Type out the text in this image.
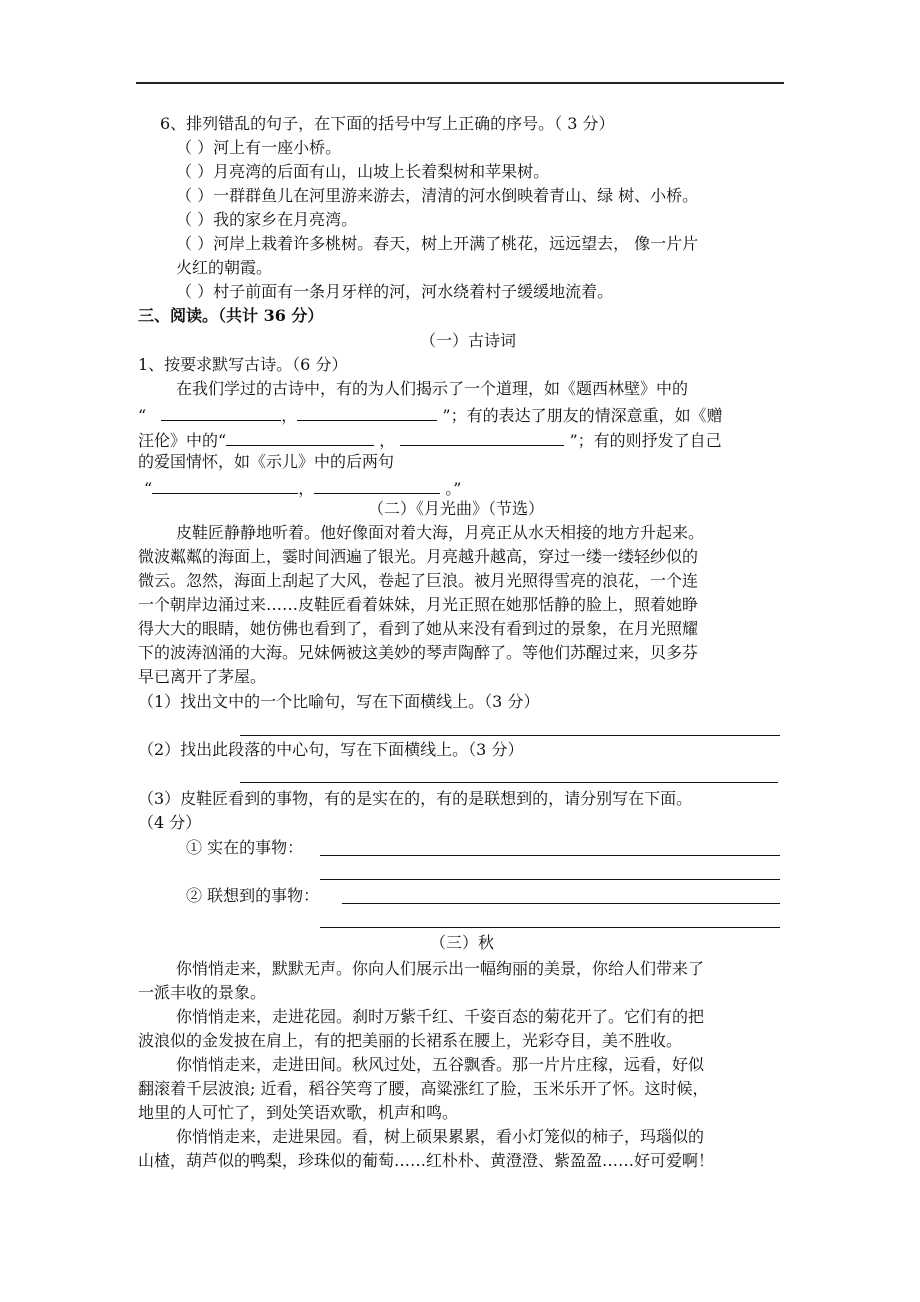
6、排列错乱的句子，在下面的括号中写上正确的序号。（ 3 分）
（ ）河上有一座小桥。
（ ）月亮湾的后面有山，山坡上长着梨树和苹果树。
（ ）一群群鱼儿在河里游来游去，清清的河水倒映着青山、绿 树、小桥。
（ ）我的家乡在月亮湾。
（ ）河岸上栽着许多桃树。春天，树上开满了桃花，远远望去， 像一片片
火红的朝霞。
（ ）村子前面有一条月牙样的河，河水绕着村子缓缓地流着。
三、阅读。（共计 36 分）
（一）古诗词
1、按要求默写古诗。（6 分）
在我们学过的古诗中，有的为人们揭示了一个道理，如《题西林壁》中的
“	，	”；有的表达了朋友的情深意重，如《赠
汪伦》中的“	，	”；有的则抒发了自己
的爱国情怀，如《示儿》中的后两句
“	，	。”
（二）《月光曲》（节选）
皮鞋匠静静地听着。他好像面对着大海，月亮正从水天相接的地方升起来。
微波粼粼的海面上，霎时间洒遍了银光。月亮越升越高，穿过一缕一缕轻纱似的
微云。忽然，海面上刮起了大风，卷起了巨浪。被月光照得雪亮的浪花，一个连
一个朝岸边涌过来……皮鞋匠看着妹妹，月光正照在她那恬静的脸上，照着她睁
得大大的眼睛，她仿佛也看到了，看到了她从来没有看到过的景象，在月光照耀
下的波涛汹涌的大海。兄妹俩被这美妙的琴声陶醉了。等他们苏醒过来，贝多芬
早已离开了茅屋。
（1）找出文中的一个比喻句，写在下面横线上。（3 分）
（2）找出此段落的中心句，写在下面横线上。（3 分）
（3）皮鞋匠看到的事物，有的是实在的，有的是联想到的，请分别写在下面。
（4 分）
① 实在的事物：
② 联想到的事物：
（三）秋
你悄悄走来，默默无声。你向人们展示出一幅绚丽的美景，你给人们带来了
一派丰收的景象。
你悄悄走来，走进花园。刹时万紫千红、千姿百态的菊花开了。它们有的把
波浪似的金发披在肩上，有的把美丽的长裙系在腰上，光彩夺目，美不胜收。
你悄悄走来，走进田间。秋风过处，五谷飘香。那一片片庄稼，远看，好似
翻滚着千层波浪; 近看，稻谷笑弯了腰，高粱涨红了脸，玉米乐开了怀。这时候，
地里的人可忙了，到处笑语欢歌，机声和鸣。
你悄悄走来，走进果园。看，树上硕果累累，看小灯笼似的柿子，玛瑙似的
山楂，葫芦似的鸭梨，珍珠似的葡萄……红朴朴、黄澄澄、紫盈盈……好可爱啊！
